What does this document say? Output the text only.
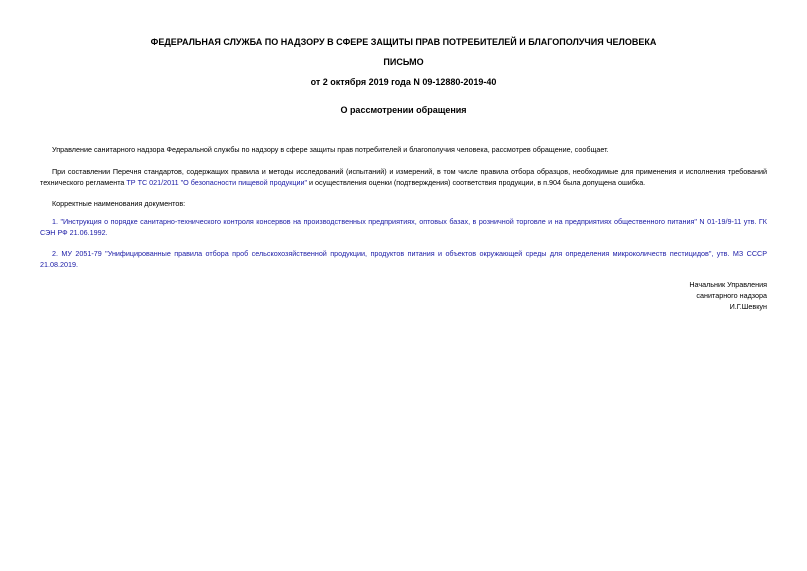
ФЕДЕРАЛЬНАЯ СЛУЖБА ПО НАДЗОРУ В СФЕРЕ ЗАЩИТЫ ПРАВ ПОТРЕБИТЕЛЕЙ И БЛАГОПОЛУЧИЯ ЧЕЛОВЕКА
ПИСЬМО
от 2 октября 2019 года N 09-12880-2019-40
О рассмотрении обращения
Управление санитарного надзора Федеральной службы по надзору в сфере защиты прав потребителей и благополучия человека, рассмотрев обращение, сообщает.
При составлении Перечня стандартов, содержащих правила и методы исследований (испытаний) и измерений, в том числе правила отбора образцов, необходимые для применения и исполнения требований технического регламента ТР ТС 021/2011 "О безопасности пищевой продукции" и осуществления оценки (подтверждения) соответствия продукции, в п.904 была допущена ошибка.
Корректные наименования документов:
1. "Инструкция о порядке санитарно-технического контроля консервов на производственных предприятиях, оптовых базах, в розничной торговле и на предприятиях общественного питания" N 01-19/9-11 утв. ГК СЭН РФ 21.06.1992.
2. МУ 2051-79 "Унифицированные правила отбора проб сельскохозяйственной продукции, продуктов питания и объектов окружающей среды для определения микроколичеств пестицидов", утв. МЗ СССР 21.08.2019.
Начальник Управления
санитарного надзора
И.Г.Шевкун
